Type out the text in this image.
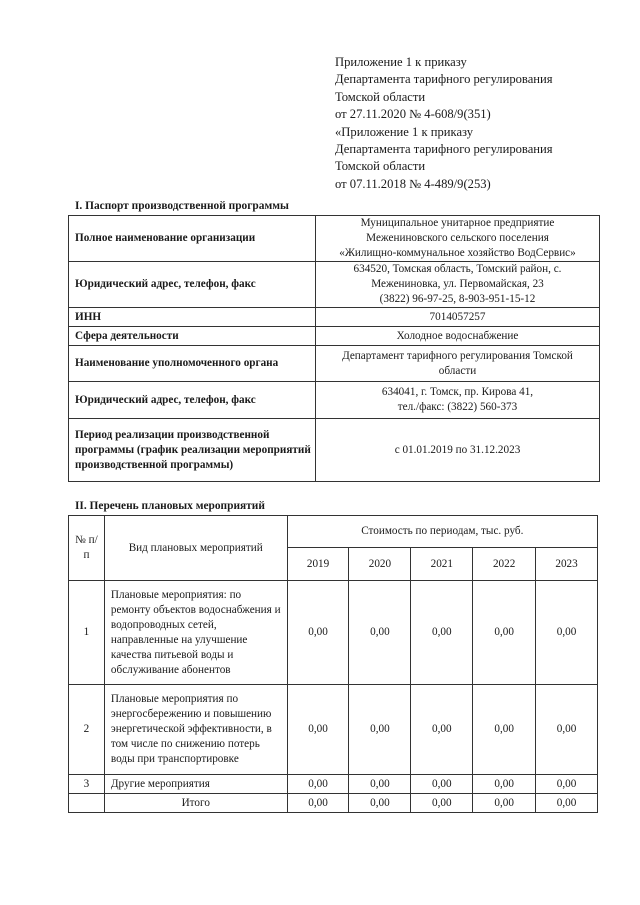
Приложение 1 к приказу
Департамента тарифного регулирования
Томской области
от 27.11.2020 № 4-608/9(351)
«Приложение 1 к приказу
Департамента тарифного регулирования
Томской области
от 07.11.2018 № 4-489/9(253)
I. Паспорт производственной программы
Полное наименование организации	Муниципальное унитарное предприятие
Межениновского сельского поселения
«Жилищно-коммунальное хозяйство ВодСервис»

Юридический адрес, телефон, факс	634520, Томская область, Томский район, с.
Межениновка, ул. Первомайская, 23
(3822) 96-97-25, 8-903-951-15-12

ИНН	7014057257
Сфера деятельности	Холодное водоснабжение
Наименование уполномоченного органа	Департамент тарифного регулирования Томской
области

Юридический адрес, телефон, факс	634041, г. Томск, пр. Кирова 41,
тел./факс: (3822) 560-373

Период реализации производственной программы (график реализации мероприятий производственной программы)	с 01.01.2019 по 31.12.2023
II. Перечень плановых мероприятий
№ п/п	Вид плановых мероприятий	Стоимость по периодам, тыс. руб.				
		2019	2020	2021	2022	2023
1	Плановые мероприятия: по ремонту объектов водоснабжения и водопроводных сетей, направленные на улучшение качества питьевой воды и обслуживание абонентов	0,00	0,00	0,00	0,00	0,00
2	Плановые мероприятия по энергосбережению и повышению энергетической эффективности, в том числе по снижению потерь воды при транспортировке	0,00	0,00	0,00	0,00	0,00
3	Другие мероприятия	0,00	0,00	0,00	0,00	0,00
	Итого	0,00	0,00	0,00	0,00	0,00
